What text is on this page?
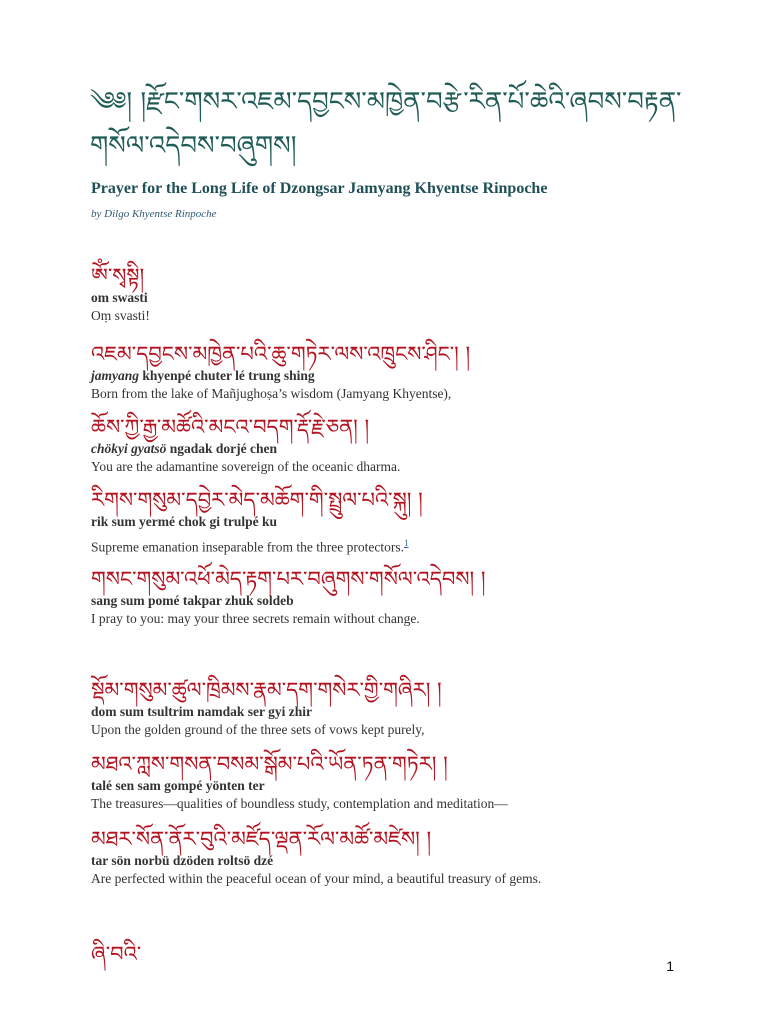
༄༅། །རྫོང་གསར་འཇམ་དབྱངས་མཁྱེན་བརྩེ་རིན་པོ་ཆེའི་ཞབས་བརྟན་གསོལ་འདེབས་བཞུགས།
Prayer for the Long Life of Dzongsar Jamyang Khyentse Rinpoche
by Dilgo Khyentse Rinpoche
ཨོཾ་སྭསྟི།
om swasti
Oṃ svasti!
འཇམ་དབྱངས་མཁྱེན་པའི་ཆུ་གཏེར་ལས་འཁྲུངས་ཤིང་། །
jamyang khyenpé chuter lé trung shing
Born from the lake of Mañjughoṣa’s wisdom (Jamyang Khyentse),
ཆོས་ཀྱི་རྒྱ་མཚོའི་མངའ་བདག་རྡོ་རྗེ་ཅན། །
chökyi gyatsö ngadak dorjé chen
You are the adamantine sovereign of the oceanic dharma.
རིགས་གསུམ་དབྱེར་མེད་མཆོག་གི་སྤྲུལ་པའི་སྐུ། །
rik sum yermé chok gi trulpé ku
Supreme emanation inseparable from the three protectors.$^1$
གསང་གསུམ་འཕོ་མེད་རྟག་པར་བཞུགས་གསོལ་འདེབས། །
sang sum pomé takpar zhuk soldeb
I pray to you: may your three secrets remain without change.
སྡོམ་གསུམ་ཚུལ་ཁྲིམས་རྣམ་དག་གསེར་གྱི་གཞིར། །
dom sum tsultrim namdak ser gyi zhir
Upon the golden ground of the three sets of vows kept purely,
མཐའ་ཀླས་གསན་བསམ་སྒོམ་པའི་ཡོན་ཏན་གཏེར། །
talé sen sam gompé yönten ter
The treasures—qualities of boundless study, contemplation and meditation—
མཐར་སོན་ནོར་བུའི་མཛོད་ལྡན་རོལ་མཚོ་མཛེས། །
tar sön norbü dzöden roltsö dzé
Are perfected within the peaceful ocean of your mind, a beautiful treasury of gems.
ཞི་བའི་	1
